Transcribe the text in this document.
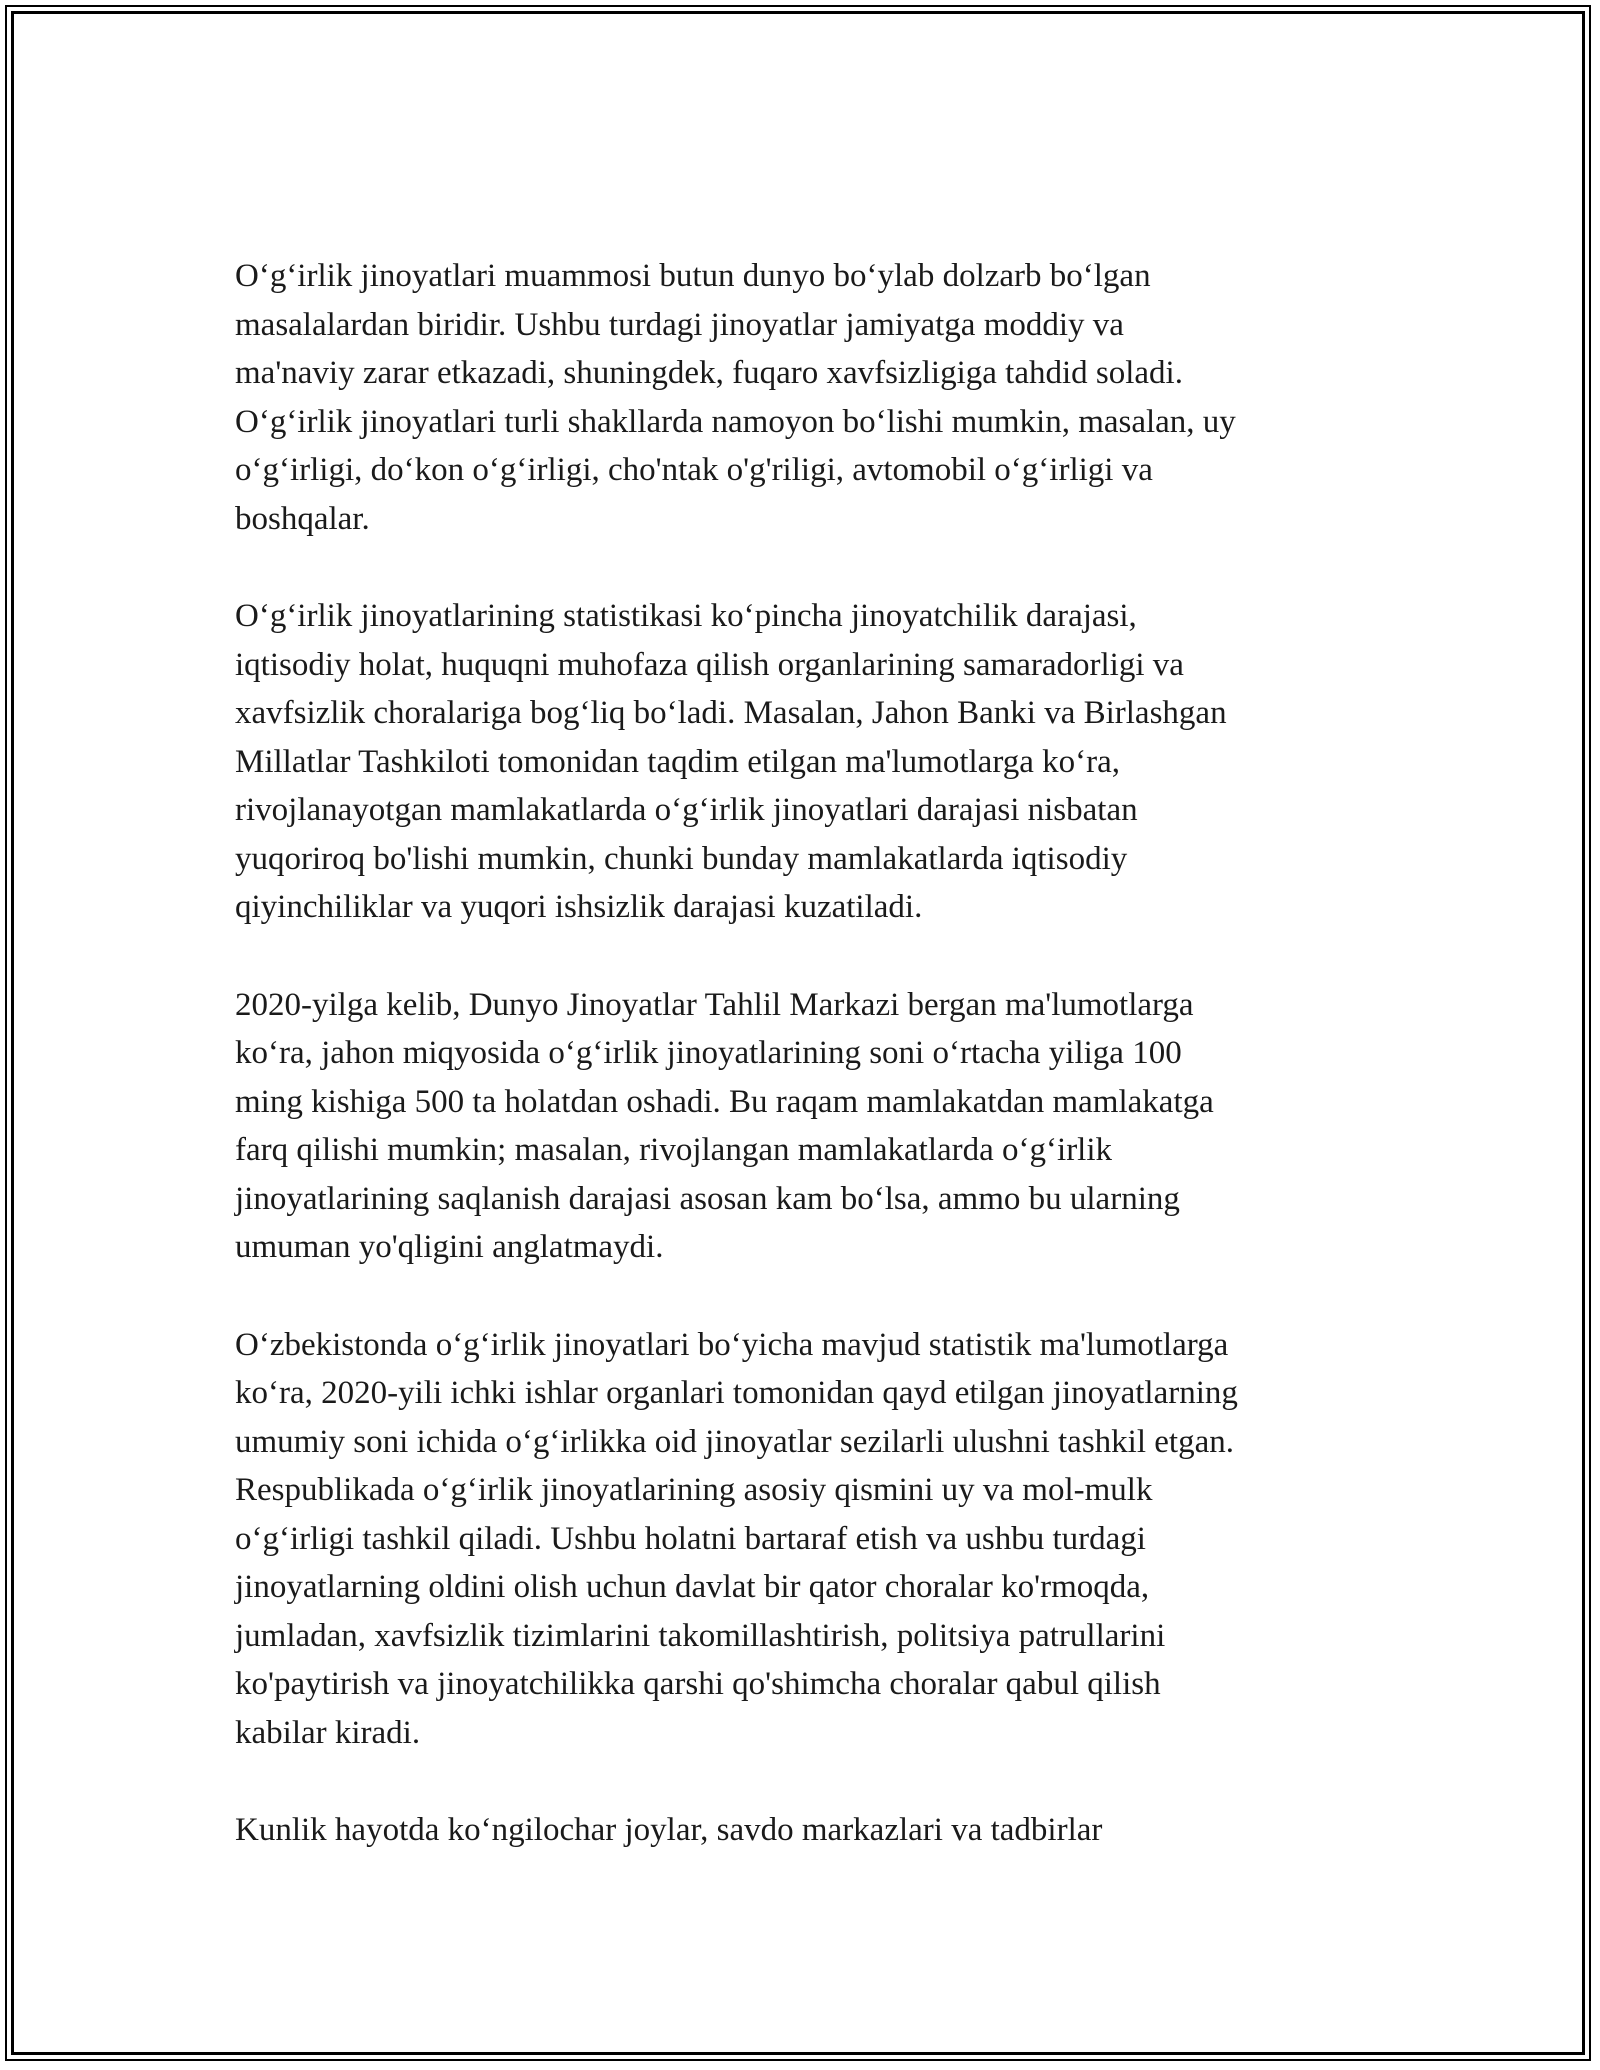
O‘g‘irlik jinoyatlari muammosi butun dunyo bo‘ylab dolzarb bo‘lgan
masalalardan biridir. Ushbu turdagi jinoyatlar jamiyatga moddiy va
ma'naviy zarar etkazadi, shuningdek, fuqaro xavfsizligiga tahdid soladi.
O‘g‘irlik jinoyatlari turli shakllarda namoyon bo‘lishi mumkin, masalan, uy
o‘g‘irligi, do‘kon o‘g‘irligi, cho'ntak o'g'riligi, avtomobil o‘g‘irligi va
boshqalar.

O‘g‘irlik jinoyatlarining statistikasi ko‘pincha jinoyatchilik darajasi,
iqtisodiy holat, huquqni muhofaza qilish organlarining samaradorligi va
xavfsizlik choralariga bog‘liq bo‘ladi. Masalan, Jahon Banki va Birlashgan
Millatlar Tashkiloti tomonidan taqdim etilgan ma'lumotlarga ko‘ra,
rivojlanayotgan mamlakatlarda o‘g‘irlik jinoyatlari darajasi nisbatan
yuqoriroq bo'lishi mumkin, chunki bunday mamlakatlarda iqtisodiy
qiyinchiliklar va yuqori ishsizlik darajasi kuzatiladi.

2020-yilga kelib, Dunyo Jinoyatlar Tahlil Markazi bergan ma'lumotlarga
ko‘ra, jahon miqyosida o‘g‘irlik jinoyatlarining soni o‘rtacha yiliga 100
ming kishiga 500 ta holatdan oshadi. Bu raqam mamlakatdan mamlakatga
farq qilishi mumkin; masalan, rivojlangan mamlakatlarda o‘g‘irlik
jinoyatlarining saqlanish darajasi asosan kam bo‘lsa, ammo bu ularning
umuman yo'qligini anglatmaydi.

O‘zbekistonda o‘g‘irlik jinoyatlari bo‘yicha mavjud statistik ma'lumotlarga
ko‘ra, 2020-yili ichki ishlar organlari tomonidan qayd etilgan jinoyatlarning
umumiy soni ichida o‘g‘irlikka oid jinoyatlar sezilarli ulushni tashkil etgan.
Respublikada o‘g‘irlik jinoyatlarining asosiy qismini uy va mol-mulk
o‘g‘irligi tashkil qiladi. Ushbu holatni bartaraf etish va ushbu turdagi
jinoyatlarning oldini olish uchun davlat bir qator choralar ko'rmoqda,
jumladan, xavfsizlik tizimlarini takomillashtirish, politsiya patrullarini
ko'paytirish va jinoyatchilikka qarshi qo'shimcha choralar qabul qilish
kabilar kiradi.

Kunlik hayotda ko‘ngilochar joylar, savdo markazlari va tadbirlar
